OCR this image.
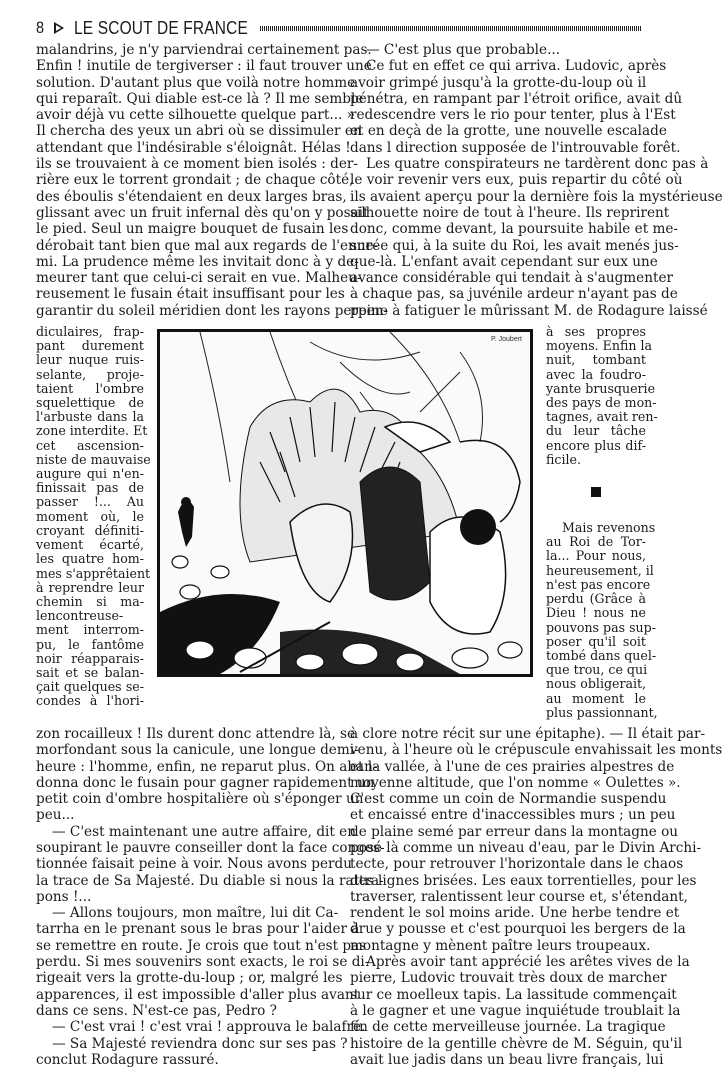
8 LE SCOUT DE FRANCE
malandrins, je n'y parviendrai certainement pas.
Enfin ! inutile de tergiverser : il faut trouver une
solution. D'autant plus que voilà notre homme
qui reparaît. Qui diable est-ce là ? Il me semble
avoir déjà vu cette silhouette quelque part... »
Il chercha des yeux un abri où se dissimuler en
attendant que l'indésirable s'éloignât. Hélas !
ils se trouvaient à ce moment bien isolés : der-
rière eux le torrent grondait ; de chaque côté,
des éboulis s'étendaient en deux larges bras,
glissant avec un fruit infernal dès qu'on y posait
le pied. Seul un maigre bouquet de fusain les
dérobait tant bien que mal aux regards de l'enne-
mi. La prudence même les invitait donc à y de-
meurer tant que celui-ci serait en vue. Malheu-
reusement le fusain était insuffisant pour les
garantir du soleil méridien dont les rayons perpen-
— C'est plus que probable...
Ce fut en effet ce qui arriva. Ludovic, après
avoir grimpé jusqu'à la grotte-du-loup où il
pénétra, en rampant par l'étroit orifice, avait dû
redescendre vers le rio pour tenter, plus à l'Est
et en deçà de la grotte, une nouvelle escalade
dans l direction supposée de l'introuvable forêt.
Les quatre conspirateurs ne tardèrent donc pas à
le voir revenir vers eux, puis repartir du côté où
ils avaient aperçu pour la dernière fois la mystérieuse
silhouette noire de tout à l'heure. Ils reprirent
donc, comme devant, la poursuite habile et me-
surée qui, à la suite du Roi, les avait menés jus-
que-là. L'enfant avait cependant sur eux une
avance considérable qui tendait à s'augmenter
à chaque pas, sa juvénile ardeur n'ayant pas de
peine à fatiguer le mûrissant M. de Rodagure laissé
diculaires, frap-
pant durement
leur nuque ruis-
selante, proje-
taient l'ombre
squelettique de
l'arbuste dans la
zone interdite. Et
cet ascension-
niste de mauvaise
augure qui n'en-
finissait pas de
passer !... Au
moment où, le
croyant définiti-
vement écarté,
les quatre hom-
mes s'apprêtaient
à reprendre leur
chemin si ma-
lencontreuse-
ment interrom-
pu, le fantôme
noir réapparais-
sait et se balan-
çait quelques se-
condes à l'hori-
P. Joubert
à ses propres
moyens. Enfin la
nuit, tombant
avec la foudro-
yante brusquerie
des pays de mon-
tagnes, avait ren-
du leur tâche
encore plus dif-
ficile.
Mais revenons
au Roi de Tor-
la... Pour nous,
heureusement, il
n'est pas encore
perdu (Grâce à
Dieu ! nous ne
pouvons pas sup-
poser qu'il soit
tombé dans quel-
que trou, ce qui
nous obligerait,
au moment le
plus passionnant,
zon rocailleux ! Ils durent donc attendre là, se
morfondant sous la canicule, une longue demi-
heure : l'homme, enfin, ne reparut plus. On aban-
donna donc le fusain pour gagner rapidement un
petit coin d'ombre hospitalière où s'éponger un
peu...
— C'est maintenant une autre affaire, dit en
soupirant le pauvre conseiller dont la face conges-
tionnée faisait peine à voir. Nous avons perdu
la trace de Sa Majesté. Du diable si nous la rattra-
pons !...
— Allons toujours, mon maître, lui dit Ca-
tarrha en le prenant sous le bras pour l'aider à
se remettre en route. Je crois que tout n'est pas
perdu. Si mes souvenirs sont exacts, le roi se di-
rigeait vers la grotte-du-loup ; or, malgré les
apparences, il est impossible d'aller plus avant
dans ce sens. N'est-ce pas, Pedro ?
— C'est vrai ! c'est vrai ! approuva le balafré.
— Sa Majesté reviendra donc sur ses pas ?
conclut Rodagure rassuré.
à clore notre récit sur une épitaphe). — Il était par-
venu, à l'heure où le crépuscule envahissait les monts
et la vallée, à l'une de ces prairies alpestres de
moyenne altitude, que l'on nomme « Oulettes ».
C'est comme un coin de Normandie suspendu
et encaissé entre d'inaccessibles murs ; un peu
de plaine semé par erreur dans la montagne ou
posé là comme un niveau d'eau, par le Divin Archi-
tecte, pour retrouver l'horizontale dans le chaos
des lignes brisées. Les eaux torrentielles, pour les
traverser, ralentissent leur course et, s'étendant,
rendent le sol moins aride. Une herbe tendre et
drue y pousse et c'est pourquoi les bergers de la
montagne y mènent paître leurs troupeaux.
Après avoir tant apprécié les arêtes vives de la
pierre, Ludovic trouvait très doux de marcher
sur ce moelleux tapis. La lassitude commençait
à le gagner et une vague inquiétude troublait la
fin de cette merveilleuse journée. La tragique
histoire de la gentille chèvre de M. Séguin, qu'il
avait lue jadis dans un beau livre français, lui
